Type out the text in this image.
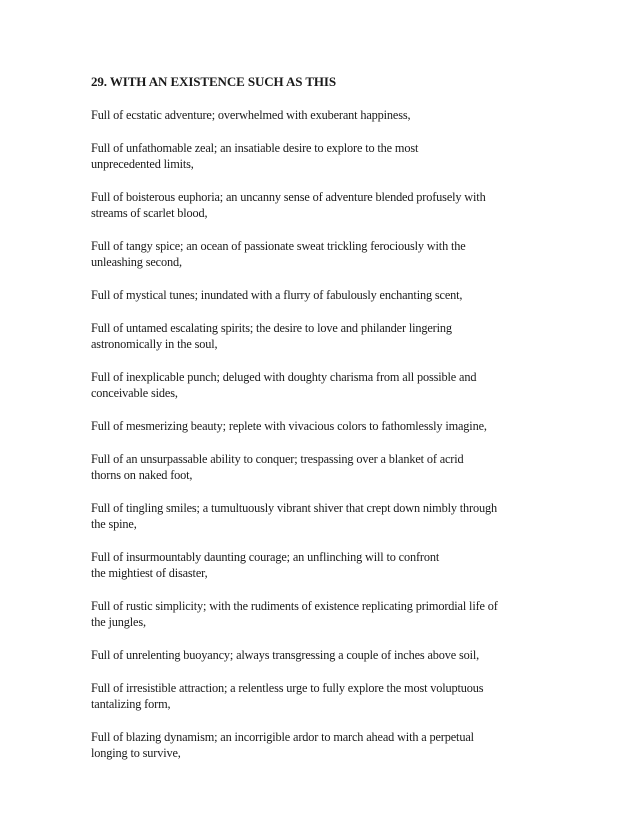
29. WITH AN EXISTENCE SUCH AS THIS
Full of ecstatic adventure; overwhelmed with exuberant happiness,
Full of unfathomable zeal; an insatiable desire to explore to the most
unprecedented limits,
Full of boisterous euphoria; an uncanny sense of adventure blended profusely with
streams of scarlet blood,
Full of tangy spice; an ocean of passionate sweat trickling ferociously with the
unleashing second,
Full of mystical tunes; inundated with a flurry of fabulously enchanting scent,
Full of untamed escalating spirits; the desire to love and philander lingering
astronomically in the soul,
Full of inexplicable punch; deluged with doughty charisma from all possible and
conceivable sides,
Full of mesmerizing beauty; replete with vivacious colors to fathomlessly imagine,
Full of an unsurpassable ability to conquer; trespassing over a blanket of acrid
thorns on naked foot,
Full of tingling smiles; a tumultuously vibrant shiver that crept down nimbly through
the spine,
Full of insurmountably daunting courage; an unflinching will to confront
the mightiest of disaster,
Full of rustic simplicity; with the rudiments of existence replicating primordial life of
the jungles,
Full of unrelenting buoyancy; always transgressing a couple of inches above soil,
Full of irresistible attraction; a relentless urge to fully explore the most voluptuous
tantalizing form,
Full of blazing dynamism; an incorrigible ardor to march ahead with a perpetual
longing to survive,
